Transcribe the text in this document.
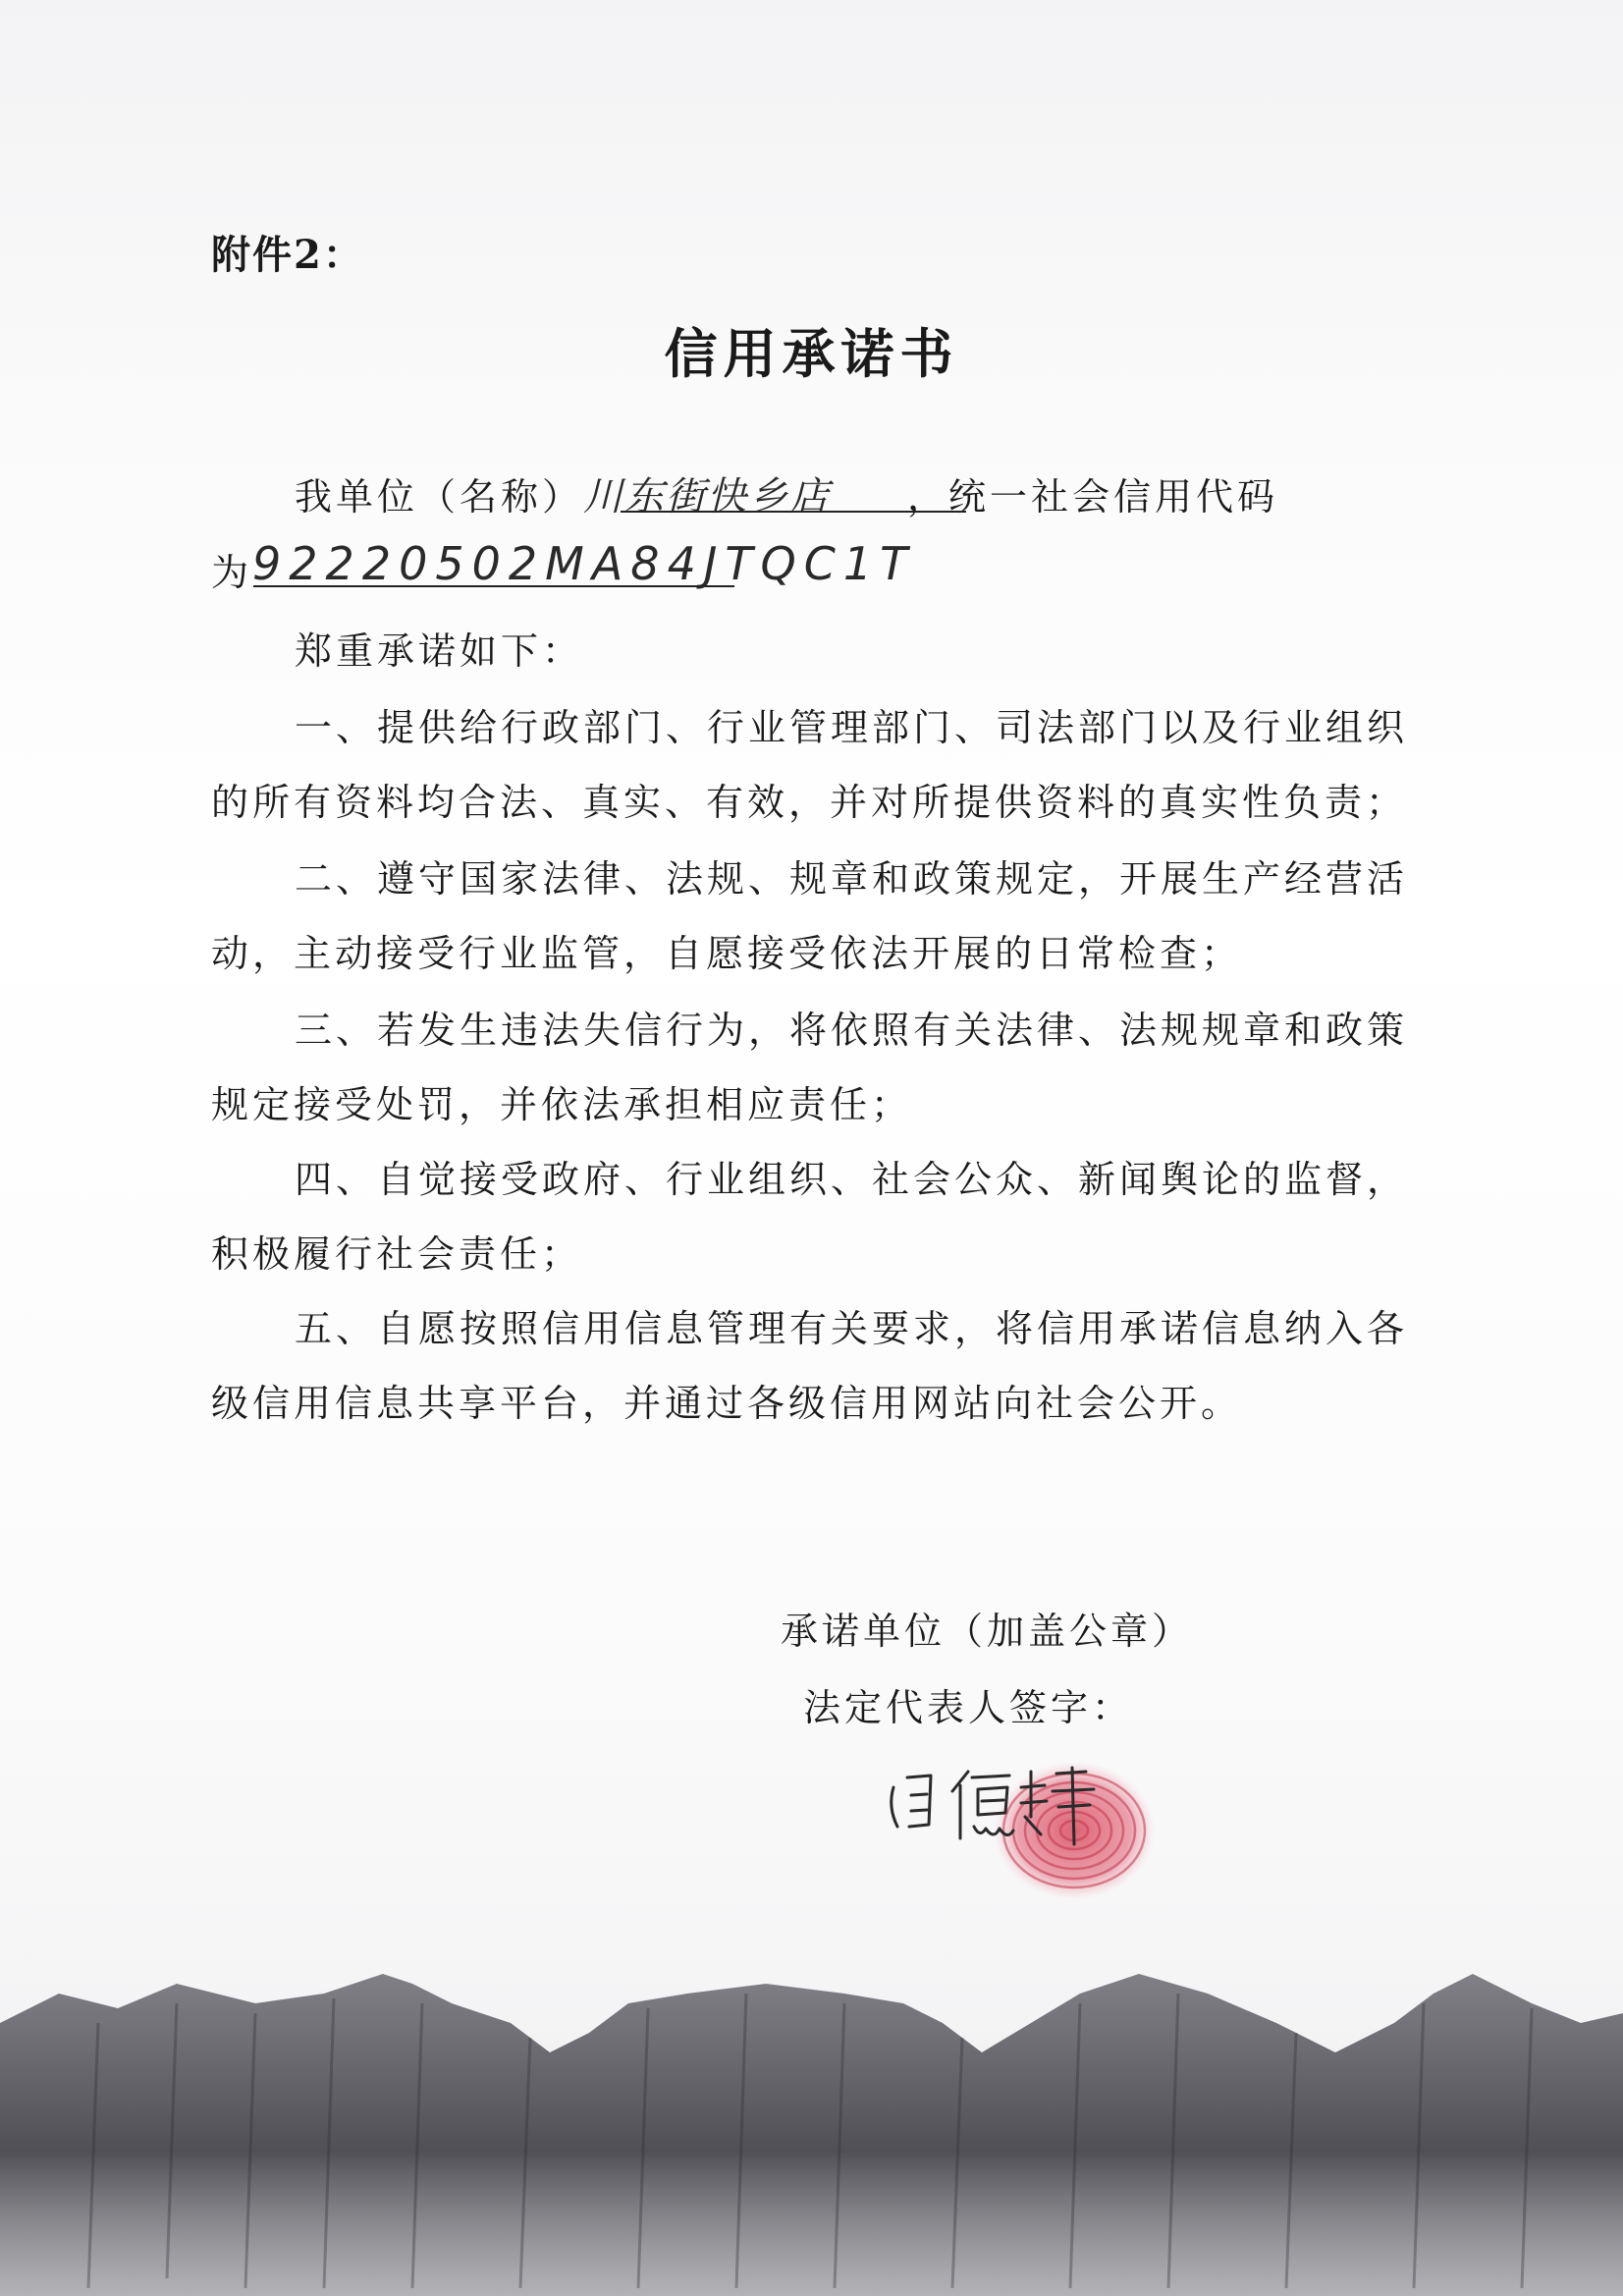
附件2：
信用承诺书
我单位（名称）川东街快乡店 ，统一社会信用代码
为92220502MA84JTQC1T
郑重承诺如下：
一、提供给行政部门、行业管理部门、司法部门以及行业组织
的所有资料均合法、真实、有效，并对所提供资料的真实性负责；
二、遵守国家法律、法规、规章和政策规定，开展生产经营活
动，主动接受行业监管，自愿接受依法开展的日常检查；
三、若发生违法失信行为，将依照有关法律、法规规章和政策
规定接受处罚，并依法承担相应责任；
四、自觉接受政府、行业组织、社会公众、新闻舆论的监督，
积极履行社会责任；
五、自愿按照信用信息管理有关要求，将信用承诺信息纳入各
级信用信息共享平台，并通过各级信用网站向社会公开。
承诺单位（加盖公章）
法定代表人签字：
